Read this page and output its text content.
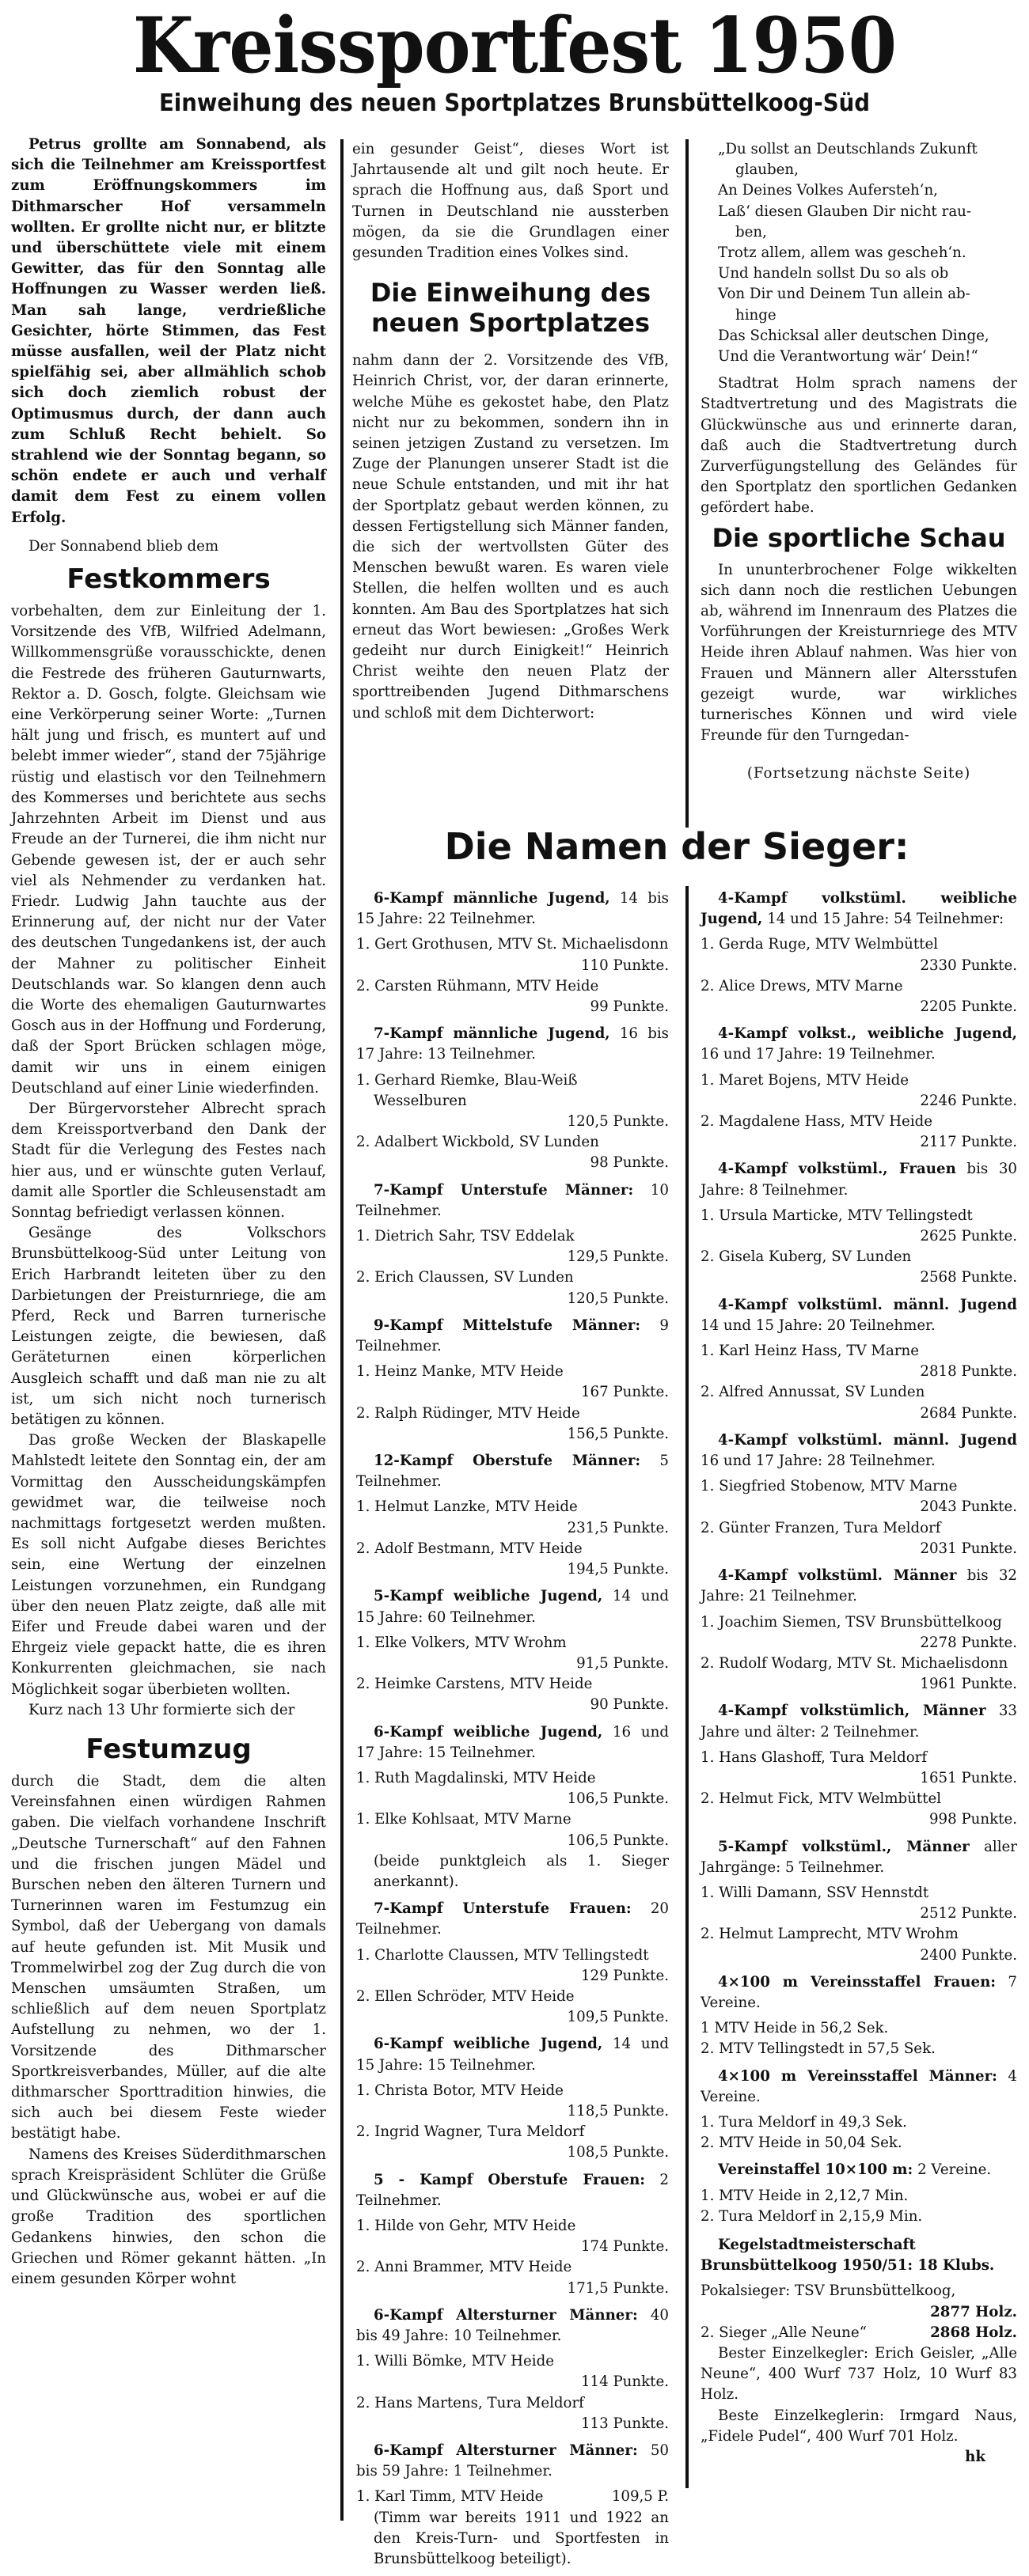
Kreissportfest 1950
Einweihung des neuen Sportplatzes Brunsbüttelkoog-Süd

Petrus grollte am Sonnabend, als sich die Teilnehmer am Kreissportfest zum Eröffnungskommers im Dithmarscher Hof versammeln wollten. Er grollte nicht nur, er blitzte und überschüttete viele mit einem Gewitter, das für den Sonntag alle Hoffnungen zu Wasser werden ließ. Man sah lange, verdrießliche Gesichter, hörte Stimmen, das Fest müsse ausfallen, weil der Platz nicht spielfähig sei, aber allmählich schob sich doch ziemlich robust der Optimusmus durch, der dann auch zum Schluß Recht behielt. So strahlend wie der Sonntag begann, so schön endete er auch und verhalf damit dem Fest zu einem vollen Erfolg.

Der Sonnabend blieb dem

Festkommers

vorbehalten, dem zur Einleitung der 1. Vorsitzende des VfB, Wilfried Adelmann, Willkommensgrüße vorausschickte, denen die Festrede des früheren Gauturnwarts, Rektor a. D. Gosch, folgte. Gleichsam wie eine Verkörperung seiner Worte: „Turnen hält jung und frisch, es muntert auf und belebt immer wieder“, stand der 75jährige rüstig und elastisch vor den Teilnehmern des Kommerses und berichtete aus sechs Jahrzehnten Arbeit im Dienst und aus Freude an der Turnerei, die ihm nicht nur Gebende gewesen ist, der er auch sehr viel als Nehmender zu verdanken hat. Friedr. Ludwig Jahn tauchte aus der Erinnerung auf, der nicht nur der Vater des deutschen Tungedankens ist, der auch der Mahner zu politischer Einheit Deutschlands war. So klangen denn auch die Worte des ehemaligen Gauturnwartes Gosch aus in der Hoffnung und Forderung, daß der Sport Brücken schlagen möge, damit wir uns in einem einigen Deutschland auf einer Linie wiederfinden.

Der Bürgervorsteher Albrecht sprach dem Kreissportverband den Dank der Stadt für die Verlegung des Festes nach hier aus, und er wünschte guten Verlauf, damit alle Sportler die Schleusenstadt am Sonntag befriedigt verlassen können.

Gesänge des Volkschors Brunsbüttelkoog-Süd unter Leitung von Erich Harbrandt leiteten über zu den Darbietungen der Preisturnriege, die am Pferd, Reck und Barren turnerische Leistungen zeigte, die bewiesen, daß Geräteturnen einen körperlichen Ausgleich schafft und daß man nie zu alt ist, um sich nicht noch turnerisch betätigen zu können.

Das große Wecken der Blaskapelle Mahlstedt leitete den Sonntag ein, der am Vormittag den Ausscheidungskämpfen gewidmet war, die teilweise noch nachmittags fortgesetzt werden mußten. Es soll nicht Aufgabe dieses Berichtes sein, eine Wertung der einzelnen Leistungen vorzunehmen, ein Rundgang über den neuen Platz zeigte, daß alle mit Eifer und Freude dabei waren und der Ehrgeiz viele gepackt hatte, die es ihren Konkurrenten gleichmachen, sie nach Möglichkeit sogar überbieten wollten.

Kurz nach 13 Uhr formierte sich der

Festumzug

durch die Stadt, dem die alten Vereinsfahnen einen würdigen Rahmen gaben. Die vielfach vorhandene Inschrift „Deutsche Turnerschaft“ auf den Fahnen und die frischen jungen Mädel und Burschen neben den älteren Turnern und Turnerinnen waren im Festumzug ein Symbol, daß der Uebergang von damals auf heute gefunden ist. Mit Musik und Trommelwirbel zog der Zug durch die von Menschen umsäumten Straßen, um schließlich auf dem neuen Sportplatz Aufstellung zu nehmen, wo der 1. Vorsitzende des Dithmarscher Sportkreisverbandes, Müller, auf die alte dithmarscher Sporttradition hinwies, die sich auch bei diesem Feste wieder bestätigt habe.

Namens des Kreises Süderdithmarschen sprach Kreispräsident Schlüter die Grüße und Glückwünsche aus, wobei er auf die große Tradition des sportlichen Gedankens hinwies, den schon die Griechen und Römer gekannt hätten. „In einem gesunden Körper wohnt

ein gesunder Geist“, dieses Wort ist Jahrtausende alt und gilt noch heute. Er sprach die Hoffnung aus, daß Sport und Turnen in Deutschland nie aussterben mögen, da sie die Grundlagen einer gesunden Tradition eines Volkes sind.

Die Einweihung des neuen Sportplatzes

nahm dann der 2. Vorsitzende des VfB, Heinrich Christ, vor, der daran erinnerte, welche Mühe es gekostet habe, den Platz nicht nur zu bekommen, sondern ihn in seinen jetzigen Zustand zu versetzen. Im Zuge der Planungen unserer Stadt ist die neue Schule entstanden, und mit ihr hat der Sportplatz gebaut werden können, zu dessen Fertigstellung sich Männer fanden, die sich der wertvollsten Güter des Menschen bewußt waren. Es waren viele Stellen, die helfen wollten und es auch konnten. Am Bau des Sportplatzes hat sich erneut das Wort bewiesen: „Großes Werk gedeiht nur durch Einigkeit!“ Heinrich Christ weihte den neuen Platz der sporttreibenden Jugend Dithmarschens und schloß mit dem Dichterwort:

„Du sollst an Deutschlands Zukunft
glauben,

An Deines Volkes Auferstehʻn,

Laßʻ diesen Glauben Dir nicht rau-
ben,

Trotz allem, allem was geschehʻn.

Und handeln sollst Du so als ob

Von Dir und Deinem Tun allein ab-
hinge

Das Schicksal aller deutschen Dinge,

Und die Verantwortung wärʻ Dein!“

Stadtrat Holm sprach namens der Stadtvertretung und des Magistrats die Glückwünsche aus und erinnerte daran, daß auch die Stadtvertretung durch Zurverfügungstellung des Geländes für den Sportplatz den sportlichen Gedanken gefördert habe.

Die sportliche Schau

In ununterbrochener Folge wikkelten sich dann noch die restlichen Uebungen ab, während im Innenraum des Platzes die Vorführungen der Kreisturnriege des MTV Heide ihren Ablauf nahmen. Was hier von Frauen und Männern aller Altersstufen gezeigt wurde, war wirkliches turnerisches Können und wird viele Freunde für den Turngedan-

(Fortsetzung nächste Seite)
Die Namen der Sieger:

6-Kampf männliche Jugend, 14 bis 15 Jahre: 22 Teilnehmer.

1. Gert Grothusen, MTV St. Michaelisdonn
110 Punkte.

2. Carsten Rühmann, MTV Heide
99 Punkte.

7-Kampf männliche Jugend, 16 bis 17 Jahre: 13 Teilnehmer.

1. Gerhard Riemke, Blau-Weiß Wesselburen
120,5 Punkte.

2. Adalbert Wickbold, SV Lunden
98 Punkte.

7-Kampf Unterstufe Männer: 10 Teilnehmer.

1. Dietrich Sahr, TSV Eddelak
129,5 Punkte.

2. Erich Claussen, SV Lunden
120,5 Punkte.

9-Kampf Mittelstufe Männer: 9 Teilnehmer.

1. Heinz Manke, MTV Heide
167 Punkte.

2. Ralph Rüdinger, MTV Heide
156,5 Punkte.

12-Kampf Oberstufe Männer: 5 Teilnehmer.

1. Helmut Lanzke, MTV Heide
231,5 Punkte.

2. Adolf Bestmann, MTV Heide
194,5 Punkte.

5-Kampf weibliche Jugend, 14 und 15 Jahre: 60 Teilnehmer.

1. Elke Volkers, MTV Wrohm
91,5 Punkte.

2. Heimke Carstens, MTV Heide
90 Punkte.

6-Kampf weibliche Jugend, 16 und 17 Jahre: 15 Teilnehmer.

1. Ruth Magdalinski, MTV Heide
106,5 Punkte.

1. Elke Kohlsaat, MTV Marne
106,5 Punkte.

(beide punktgleich als 1. Sieger anerkannt).

7-Kampf Unterstufe Frauen: 20 Teilnehmer.

1. Charlotte Claussen, MTV Tellingstedt
129 Punkte.

2. Ellen Schröder, MTV Heide
109,5 Punkte.

6-Kampf weibliche Jugend, 14 und 15 Jahre: 15 Teilnehmer.

1. Christa Botor, MTV Heide
118,5 Punkte.

2. Ingrid Wagner, Tura Meldorf
108,5 Punkte.

5 - Kampf Oberstufe Frauen: 2 Teilnehmer.

1. Hilde von Gehr, MTV Heide
174 Punkte.

2. Anni Brammer, MTV Heide
171,5 Punkte.

6-Kampf Altersturner Männer: 40 bis 49 Jahre: 10 Teilnehmer.

1. Willi Bömke, MTV Heide
114 Punkte.

2. Hans Martens, Tura Meldorf
113 Punkte.

6-Kampf Altersturner Männer: 50 bis 59 Jahre: 1 Teilnehmer.

109,5 P.
1. Karl Timm, MTV Heide

(Timm war bereits 1911 und 1922 an den Kreis-Turn- und Sportfesten in Brunsbüttelkoog beteiligt).

4-Kampf volkstüml. weibliche Jugend, 14 und 15 Jahre: 54 Teilnehmer:

1. Gerda Ruge, MTV Welmbüttel
2330 Punkte.

2. Alice Drews, MTV Marne
2205 Punkte.

4-Kampf volkst., weibliche Jugend, 16 und 17 Jahre: 19 Teilnehmer.

1. Maret Bojens, MTV Heide
2246 Punkte.

2. Magdalene Hass, MTV Heide
2117 Punkte.

4-Kampf volkstüml., Frauen bis 30 Jahre: 8 Teilnehmer.

1. Ursula Marticke, MTV Tellingstedt
2625 Punkte.

2. Gisela Kuberg, SV Lunden
2568 Punkte.

4-Kampf volkstüml. männl. Jugend 14 und 15 Jahre: 20 Teilnehmer.

1. Karl Heinz Hass, TV Marne
2818 Punkte.

2. Alfred Annussat, SV Lunden
2684 Punkte.

4-Kampf volkstüml. männl. Jugend 16 und 17 Jahre: 28 Teilnehmer.

1. Siegfried Stobenow, MTV Marne
2043 Punkte.

2. Günter Franzen, Tura Meldorf
2031 Punkte.

4-Kampf volkstüml. Männer bis 32 Jahre: 21 Teilnehmer.

1. Joachim Siemen, TSV Brunsbüttelkoog
2278 Punkte.

2. Rudolf Wodarg, MTV St. Michaelisdonn
1961 Punkte.

4-Kampf volkstümlich, Männer 33 Jahre und älter: 2 Teilnehmer.

1. Hans Glashoff, Tura Meldorf
1651 Punkte.

2. Helmut Fick, MTV Welmbüttel
998 Punkte.

5-Kampf volkstüml., Männer aller Jahrgänge: 5 Teilnehmer.

1. Willi Damann, SSV Hennstdt
2512 Punkte.

2. Helmut Lamprecht, MTV Wrohm
2400 Punkte.

4×100 m Vereinsstaffel Frauen: 7 Vereine.

1 MTV Heide in 56,2 Sek.

2. MTV Tellingstedt in 57,5 Sek.

4×100 m Vereinsstaffel Männer: 4 Vereine.

1. Tura Meldorf in 49,3 Sek.

2. MTV Heide in 50,04 Sek.

Vereinstaffel 10×100 m: 2 Vereine.

1. MTV Heide in 2,12,7 Min.

2. Tura Meldorf in 2,15,9 Min.

Kegelstadtmeisterschaft Brunsbüttelkoog 1950/51: 18 Klubs.

Pokalsieger: TSV Brunsbüttelkoog,

2877 Holz.

2. Sieger „Alle Neune“	2868 Holz.

Bester Einzelkegler: Erich Geisler, „Alle Neune“, 400 Wurf 737 Holz, 10 Wurf 83 Holz.

Beste Einzelkeglerin: Irmgard Naus, „Fidele Pudel“, 400 Wurf 701 Holz.

hk
